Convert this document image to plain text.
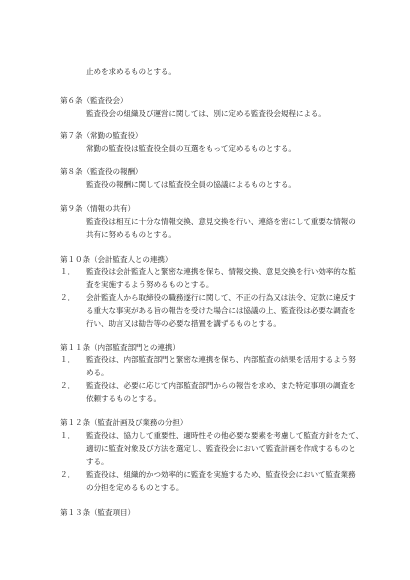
止めを求めるものとする。
第６条（監査役会）
監査役会の組織及び運営に関しては、別に定める監査役会規程による。
第７条（常勤の監査役）
常勤の監査役は監査役全員の互選をもって定めるものとする。
第８条（監査役の報酬）
監査役の報酬に関しては監査役全員の協議によるものとする。
第９条（情報の共有）
監査役は相互に十分な情報交換、意見交換を行い、連絡を密にして重要な情報の
共有に努めるものとする。
第１０条（会計監査人との連携）
１． 監査役は会計監査人と緊密な連携を保ち、情報交換、意見交換を行い効率的な監
査を実施するよう努めるものとする。
２． 会計監査人から取締役の職務遂行に関して、不正の行為又は法令、定款に違反す
る重大な事実がある旨の報告を受けた場合には協議の上、監査役は必要な調査を
行い、助言又は勧告等の必要な措置を講ずるものとする。
第１１条（内部監査部門との連携）
１． 監査役は、内部監査部門と緊密な連携を保ち、内部監査の結果を活用するよう努
める。
２． 監査役は、必要に応じて内部監査部門からの報告を求め、また特定事項の調査を
依頼するものとする。
第１２条（監査計画及び業務の分担）
１． 監査役は、協力して重要性、適時性その他必要な要素を考慮して監査方針をたて、
適切に監査対象及び方法を選定し、監査役会において監査計画を作成するものと
する。
２． 監査役は、組織的かつ効率的に監査を実施するため、監査役会において監査業務
の分担を定めるものとする。
第１３条（監査項目）
